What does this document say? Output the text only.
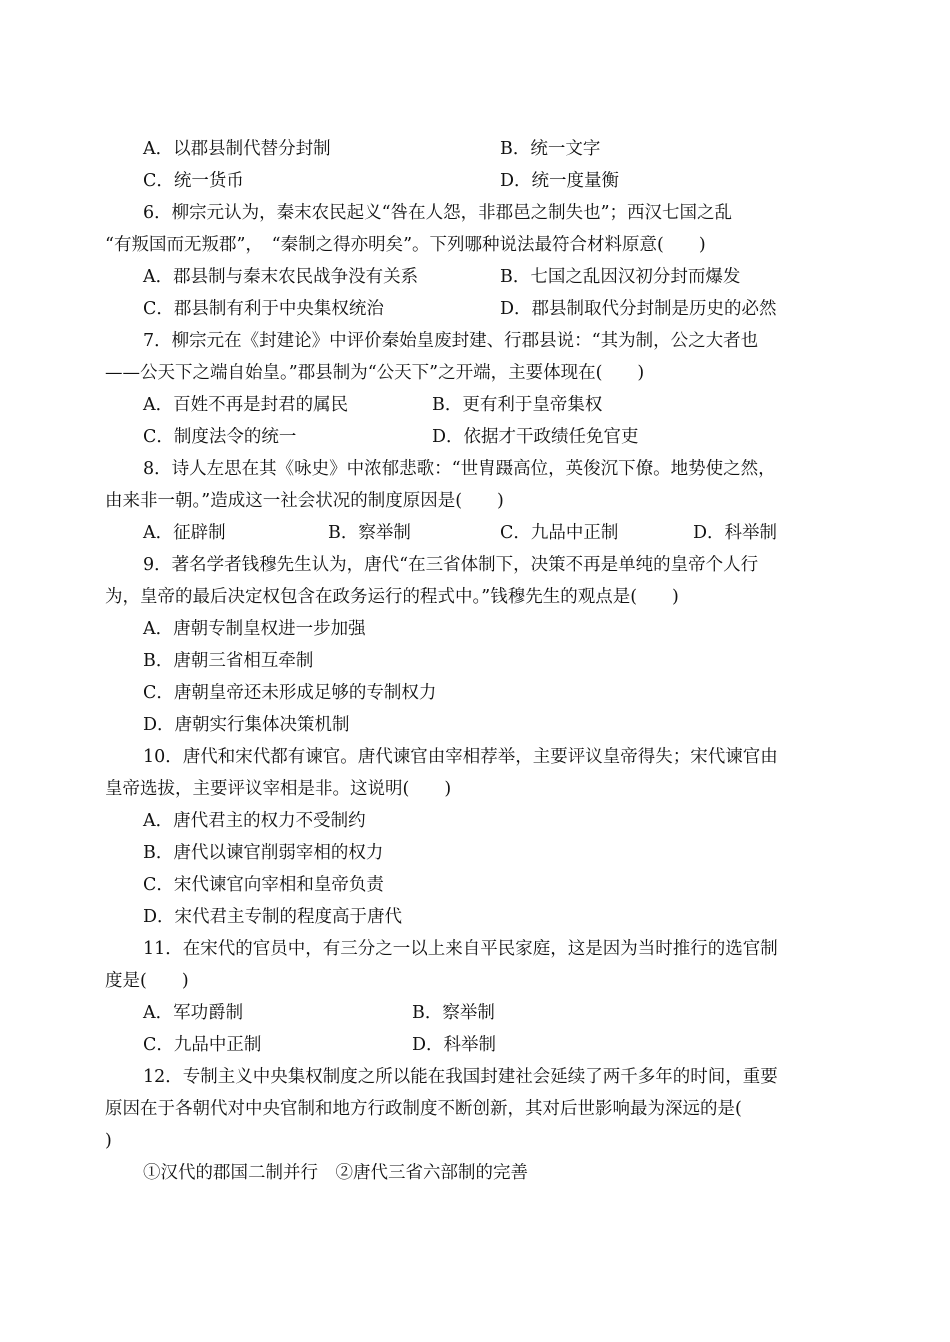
A．以郡县制代替分封制	B．统一文字
C．统一货币	D．统一度量衡
6．柳宗元认为，秦末农民起义“咎在人怨，非郡邑之制失也”；西汉七国之乱
“有叛国而无叛郡”，　“秦制之得亦明矣”。下列哪种说法最符合材料原意(　　)
A．郡县制与秦末农民战争没有关系	B．七国之乱因汉初分封而爆发
C．郡县制有利于中央集权统治	D．郡县制取代分封制是历史的必然
7．柳宗元在《封建论》中评价秦始皇废封建、行郡县说：“其为制，公之大者也
——公天下之端自始皇。”郡县制为“公天下”之开端，主要体现在(　　)
A．百姓不再是封君的属民	B．更有利于皇帝集权
C．制度法令的统一	D．依据才干政绩任免官吏
8．诗人左思在其《咏史》中浓郁悲歌：“世胄蹑高位，英俊沉下僚。地势使之然，
由来非一朝。”造成这一社会状况的制度原因是(　　)
A．征辟制	B．察举制	C．九品中正制	D．科举制
9．著名学者钱穆先生认为，唐代“在三省体制下，决策不再是单纯的皇帝个人行
为，皇帝的最后决定权包含在政务运行的程式中。”钱穆先生的观点是(　　)
A．唐朝专制皇权进一步加强
B．唐朝三省相互牵制
C．唐朝皇帝还未形成足够的专制权力
D．唐朝实行集体决策机制
10．唐代和宋代都有谏官。唐代谏官由宰相荐举，主要评议皇帝得失；宋代谏官由
皇帝选拔，主要评议宰相是非。这说明(　　)
A．唐代君主的权力不受制约
B．唐代以谏官削弱宰相的权力
C．宋代谏官向宰相和皇帝负责
D．宋代君主专制的程度高于唐代
11．在宋代的官员中，有三分之一以上来自平民家庭，这是因为当时推行的选官制
度是(　　)
A．军功爵制	B．察举制
C．九品中正制	D．科举制
12．专制主义中央集权制度之所以能在我国封建社会延续了两千多年的时间，重要
原因在于各朝代对中央官制和地方行政制度不断创新，其对后世影响最为深远的是(
)
①汉代的郡国二制并行　②唐代三省六部制的完善
